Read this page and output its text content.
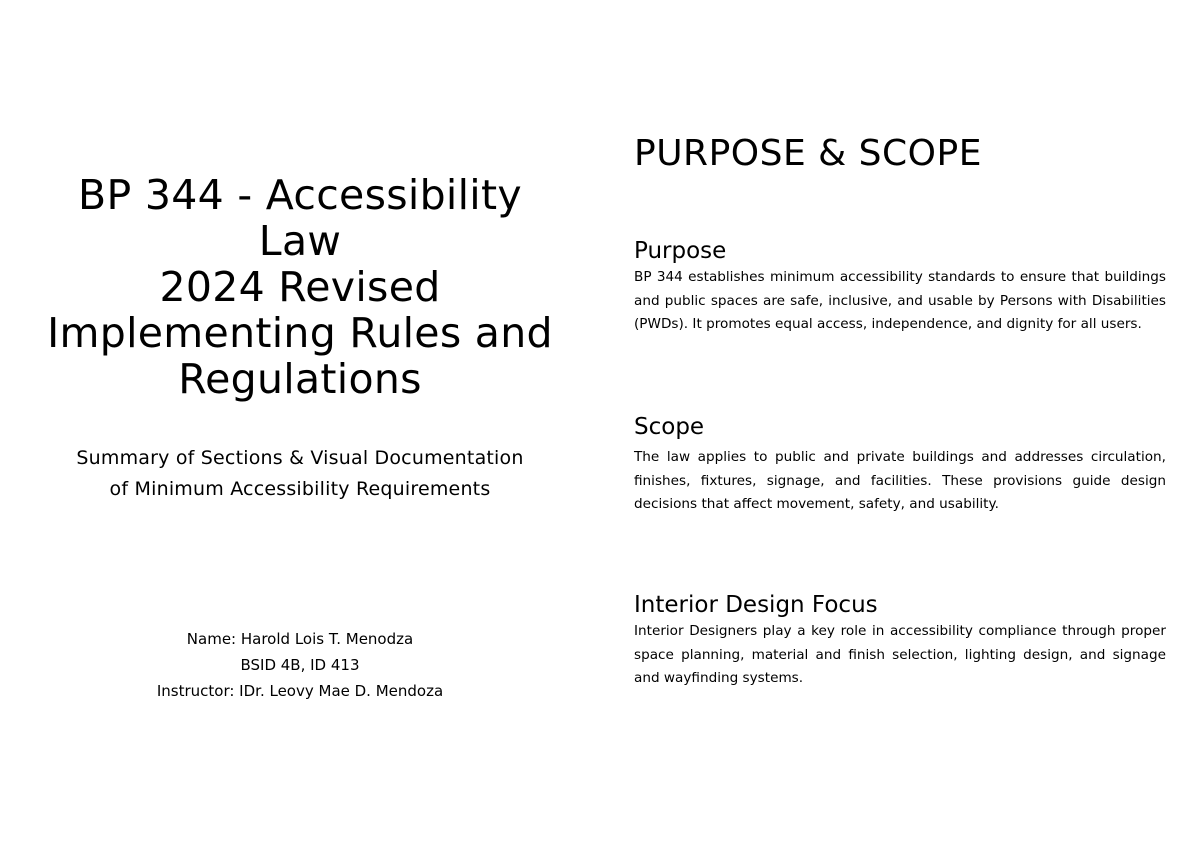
BP 344 - Accessibility
Law
2024 Revised
Implementing Rules and
Regulations
Summary of Sections & Visual Documentation
of Minimum Accessibility Requirements
Name: Harold Lois T. Menodza
BSID 4B, ID 413
Instructor: IDr. Leovy Mae D. Mendoza
PURPOSE & SCOPE
Purpose

BP 344 establishes minimum accessibility standards to ensure that buildings and public spaces are safe, inclusive, and usable by Persons with Disabilities (PWDs). It promotes equal access, independence, and dignity for all users.

Scope

The law applies to public and private buildings and addresses circulation, finishes, fixtures, signage, and facilities. These provisions guide design decisions that affect movement, safety, and usability.

Interior Design Focus

Interior Designers play a key role in accessibility compliance through proper space planning, material and finish selection, lighting design, and signage and wayfinding systems.
